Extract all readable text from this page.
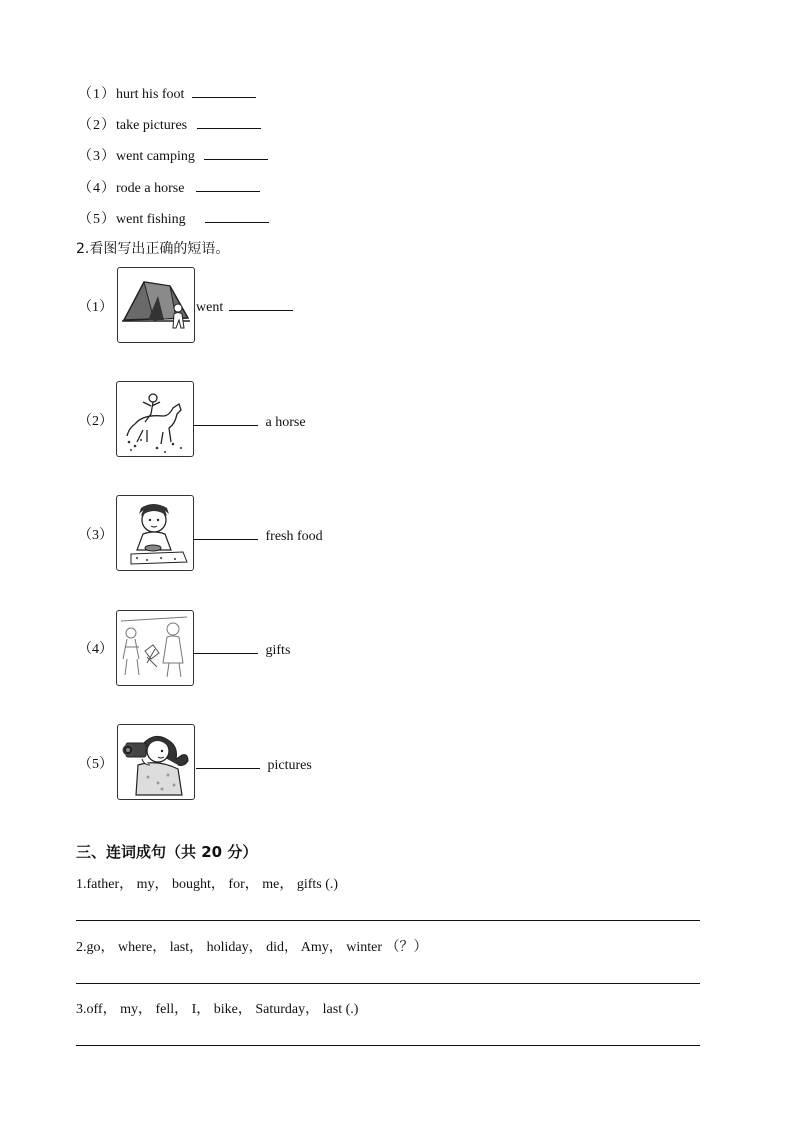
（1）hurt his foot
（2）take pictures
（3）went camping
（4）rode a horse
（5）went fishing
2.看图写出正确的短语。
（1）	went
（2）	a horse
（3）	fresh food
（4）	gifts
（5）	pictures
三、连词成句（共 20 分）
1.father， my， bought， for， me， gifts (.)
2.go， where， last， holiday， did， Amy， winter （？）
3.off， my， fell， I， bike， Saturday， last (.)
